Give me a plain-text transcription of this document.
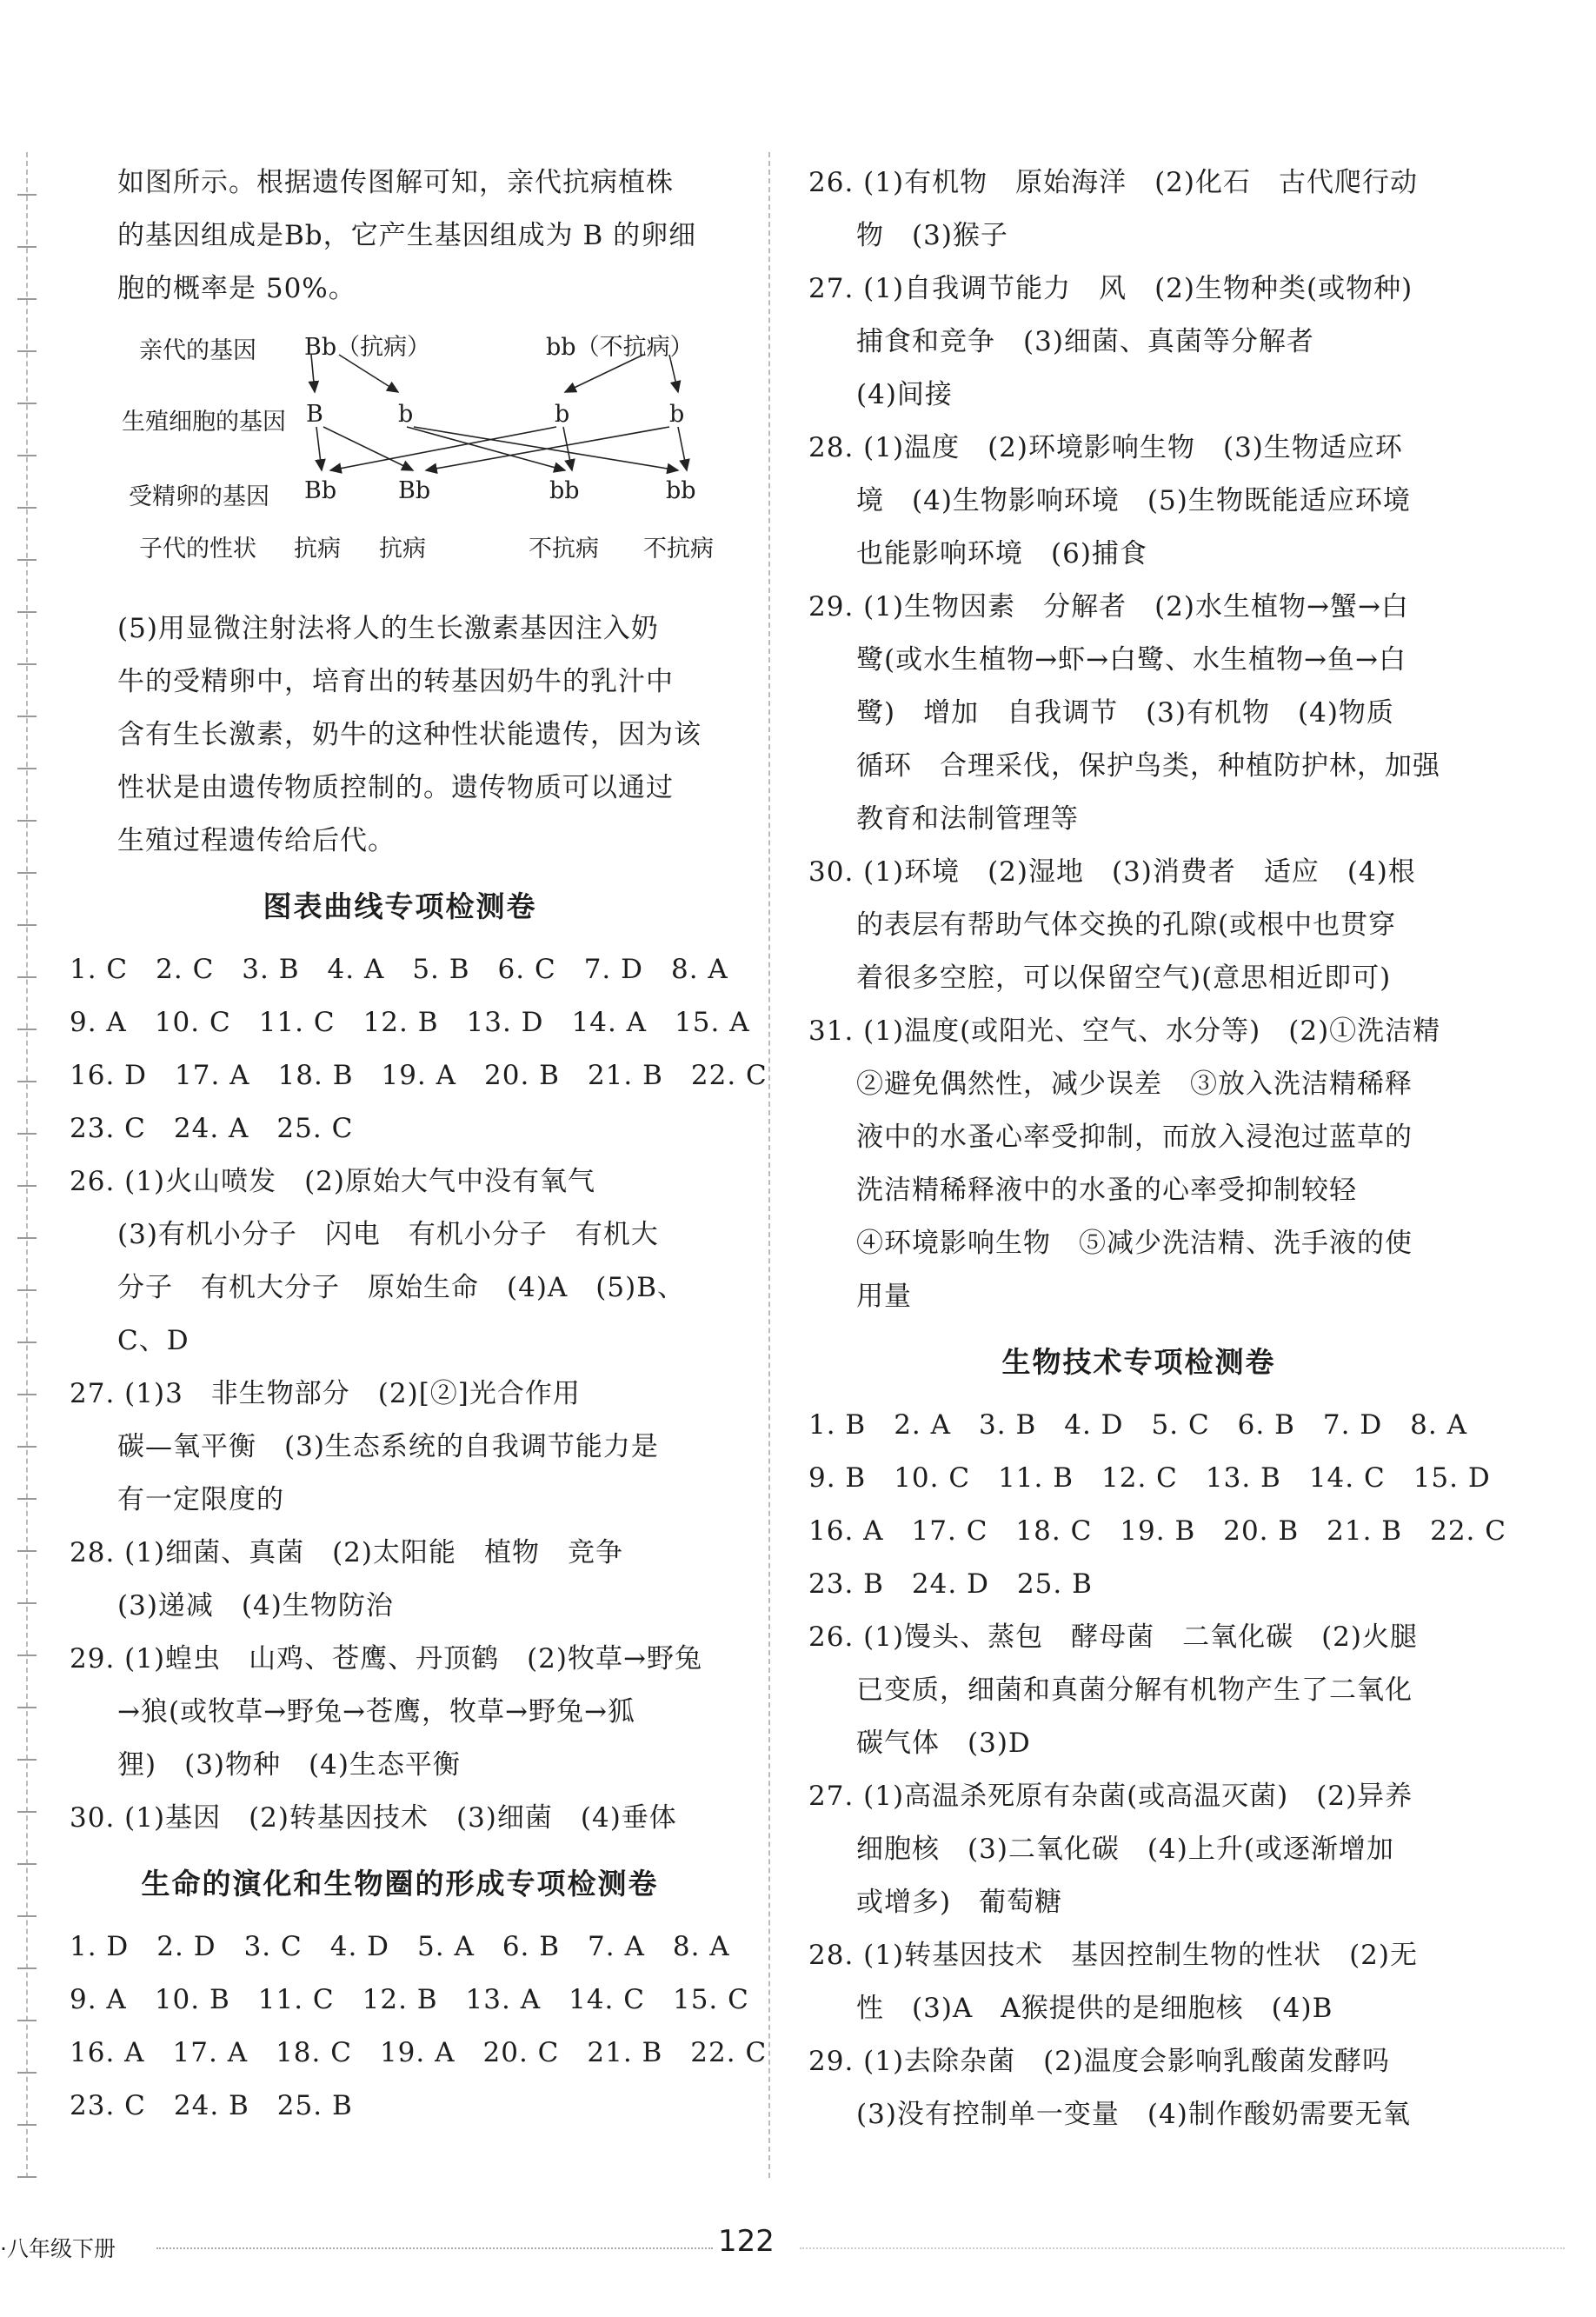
如图所示。根据遗传图解可知，亲代抗病植株
的基因组成是Bb，它产生基因组成为 B 的卵细
胞的概率是 50%。
亲代的基因 Bb（抗病）	bb（不抗病）
生殖细胞的基因 B	b	b	b
受精卵的基因 Bb	Bb	bb	bb
子代的性状 抗病 抗病	不抗病 不抗病
(5)用显微注射法将人的生长激素基因注入奶
牛的受精卵中，培育出的转基因奶牛的乳汁中
含有生长激素，奶牛的这种性状能遗传，因为该
性状是由遗传物质控制的。遗传物质可以通过
生殖过程遗传给后代。
图表曲线专项检测卷
1. C　2. C　3. B　4. A　5. B　6. C　7. D　8. A
9. A　10. C　11. C　12. B　13. D　14. A　15. A
16. D　17. A　18. B　19. A　20. B　21. B　22. C
23. C　24. A　25. C
26. (1)火山喷发　(2)原始大气中没有氧气
(3)有机小分子　闪电　有机小分子　有机大
分子　有机大分子　原始生命　(4)A　(5)B、
C、D
27. (1)3　非生物部分　(2)[②]光合作用
碳—氧平衡　(3)生态系统的自我调节能力是
有一定限度的
28. (1)细菌、真菌　(2)太阳能　植物　竞争
(3)递减　(4)生物防治
29. (1)蝗虫　山鸡、苍鹰、丹顶鹤　(2)牧草→野兔
→狼(或牧草→野兔→苍鹰，牧草→野兔→狐
狸)　(3)物种　(4)生态平衡
30. (1)基因　(2)转基因技术　(3)细菌　(4)垂体
生命的演化和生物圈的形成专项检测卷
1. D　2. D　3. C　4. D　5. A　6. B　7. A　8. A
9. A　10. B　11. C　12. B　13. A　14. C　15. C
16. A　17. A　18. C　19. A　20. C　21. B　22. C
23. C　24. B　25. B
26. (1)有机物　原始海洋　(2)化石　古代爬行动
物　(3)猴子
27. (1)自我调节能力　风　(2)生物种类(或物种)
捕食和竞争　(3)细菌、真菌等分解者
(4)间接
28. (1)温度　(2)环境影响生物　(3)生物适应环
境　(4)生物影响环境　(5)生物既能适应环境
也能影响环境　(6)捕食
29. (1)生物因素　分解者　(2)水生植物→蟹→白
鹭(或水生植物→虾→白鹭、水生植物→鱼→白
鹭)　增加　自我调节　(3)有机物　(4)物质
循环　合理采伐，保护鸟类，种植防护林，加强
教育和法制管理等
30. (1)环境　(2)湿地　(3)消费者　适应　(4)根
的表层有帮助气体交换的孔隙(或根中也贯穿
着很多空腔，可以保留空气)(意思相近即可)
31. (1)温度(或阳光、空气、水分等)　(2)①洗洁精
②避免偶然性，减少误差　③放入洗洁精稀释
液中的水蚤心率受抑制，而放入浸泡过蓝草的
洗洁精稀释液中的水蚤的心率受抑制较轻
④环境影响生物　⑤减少洗洁精、洗手液的使
用量
生物技术专项检测卷
1. B　2. A　3. B　4. D　5. C　6. B　7. D　8. A
9. B　10. C　11. B　12. C　13. B　14. C　15. D
16. A　17. C　18. C　19. B　20. B　21. B　22. C
23. B　24. D　25. B
26. (1)馒头、蒸包　酵母菌　二氧化碳　(2)火腿
已变质，细菌和真菌分解有机物产生了二氧化
碳气体　(3)D
27. (1)高温杀死原有杂菌(或高温灭菌)　(2)异养
细胞核　(3)二氧化碳　(4)上升(或逐渐增加
或增多)　葡萄糖
28. (1)转基因技术　基因控制生物的性状　(2)无
性　(3)A　A猴提供的是细胞核　(4)B
29. (1)去除杂菌　(2)温度会影响乳酸菌发酵吗
(3)没有控制单一变量　(4)制作酸奶需要无氧
·八年级下册	122
